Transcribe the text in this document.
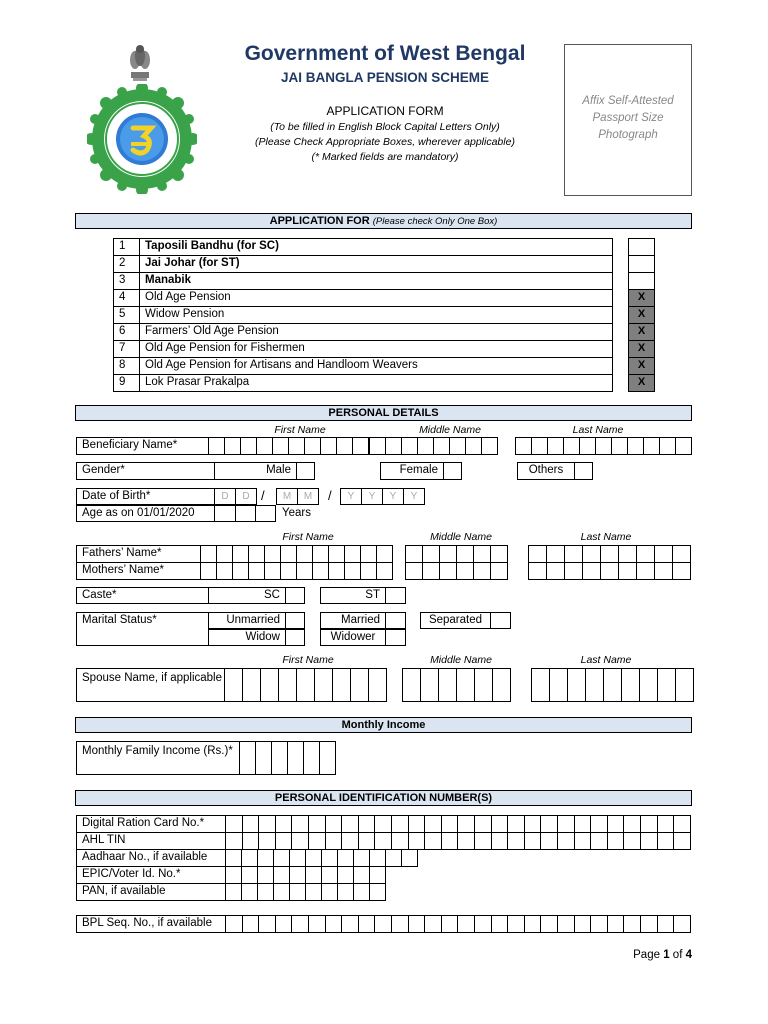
Government of West Bengal
JAI BANGLA PENSION SCHEME
APPLICATION FORM
(To be filled in English Block Capital Letters Only)
(Please Check Appropriate Boxes, wherever applicable)
(* Marked fields are mandatory)
Affix Self-Attested Passport Size Photograph
APPLICATION FOR (Please check Only One Box)
1	Taposili Bandhu (for SC)
2	Jai Johar (for ST)
3	Manabik
4	Old Age Pension	X
5	Widow Pension	X
6	Farmers’ Old Age Pension	X
7	Old Age Pension for Fishermen	X
8	Old Age Pension for Artisans and Handloom Weavers	X
9	Lok Prasar Prakalpa	X
PERSONAL DETAILS
First Name	Middle Name	Last Name
Beneficiary Name*
Gender*	Male	Female	Others
Date of Birth*	D	D	M	M	Y	Y	Y	Y
/	/
Age as on 01/01/2020	Years
First Name	Middle Name	Last Name
Fathers’ Name*
Mothers’ Name*
Caste*	SC	ST
Marital Status*	Unmarried	Married	Separated
Widow	Widower
First Name	Middle Name	Last Name
Spouse Name, if applicable
Monthly Income
Monthly Family Income (Rs.)*
PERSONAL IDENTIFICATION NUMBER(S)
Digital Ration Card No.*
AHL TIN
Aadhaar No., if available
EPIC/Voter Id. No.*
PAN, if available
BPL Seq. No., if available
Page 1 of 4
